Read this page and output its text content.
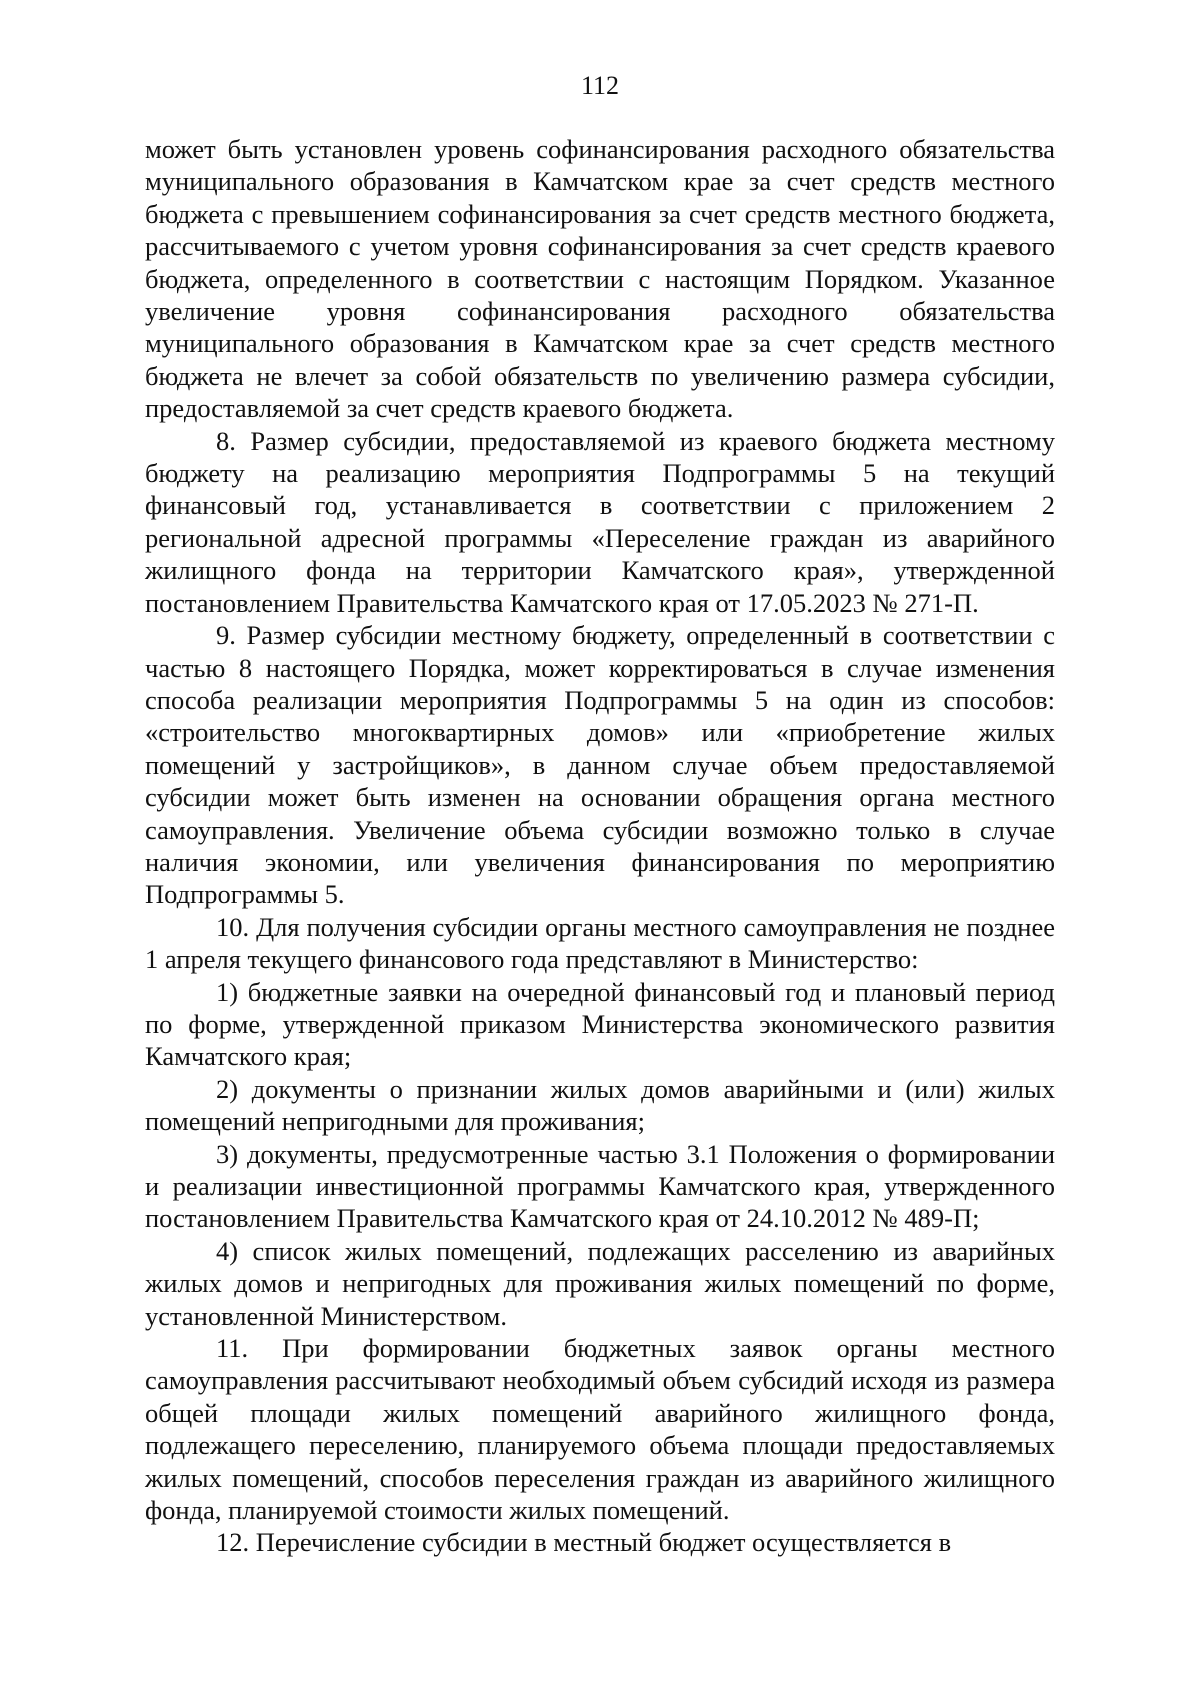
112

может быть установлен уровень софинансирования расходного обязательства муниципального образования в Камчатском крае за счет средств местного бюджета с превышением софинансирования за счет средств местного бюджета, рассчитываемого с учетом уровня софинансирования за счет средств краевого бюджета, определенного в соответствии с настоящим Порядком. Указанное увеличение уровня софинансирования расходного обязательства муниципального образования в Камчатском крае за счет средств местного бюджета не влечет за собой обязательств по увеличению размера субсидии, предоставляемой за счет средств краевого бюджета.

8. Размер субсидии, предоставляемой из краевого бюджета местному бюджету на реализацию мероприятия Подпрограммы 5 на текущий финансовый год, устанавливается в соответствии с приложением 2 региональной адресной программы «Переселение граждан из аварийного жилищного фонда на территории Камчатского края», утвержденной постановлением Правительства Камчатского края от 17.05.2023 № 271-П.

9. Размер субсидии местному бюджету, определенный в соответствии с частью 8 настоящего Порядка, может корректироваться в случае изменения способа реализации мероприятия Подпрограммы 5 на один из способов: «строительство многоквартирных домов» или «приобретение жилых помещений у застройщиков», в данном случае объем предоставляемой субсидии может быть изменен на основании обращения органа местного самоуправления. Увеличение объема субсидии возможно только в случае наличия экономии, или увеличения финансирования по мероприятию Подпрограммы 5.

10. Для получения субсидии органы местного самоуправления не позднее 1 апреля текущего финансового года представляют в Министерство:

1) бюджетные заявки на очередной финансовый год и плановый период по форме, утвержденной приказом Министерства экономического развития Камчатского края;

2) документы о признании жилых домов аварийными и (или) жилых помещений непригодными для проживания;

3) документы, предусмотренные частью 3.1 Положения о формировании и реализации инвестиционной программы Камчатского края, утвержденного постановлением Правительства Камчатского края от 24.10.2012 № 489-П;

4) список жилых помещений, подлежащих расселению из аварийных жилых домов и непригодных для проживания жилых помещений по форме, установленной Министерством.

11. При формировании бюджетных заявок органы местного самоуправления рассчитывают необходимый объем субсидий исходя из размера общей площади жилых помещений аварийного жилищного фонда, подлежащего переселению, планируемого объема площади предоставляемых жилых помещений, способов переселения граждан из аварийного жилищного фонда, планируемой стоимости жилых помещений.

12. Перечисление субсидии в местный бюджет осуществляется в
